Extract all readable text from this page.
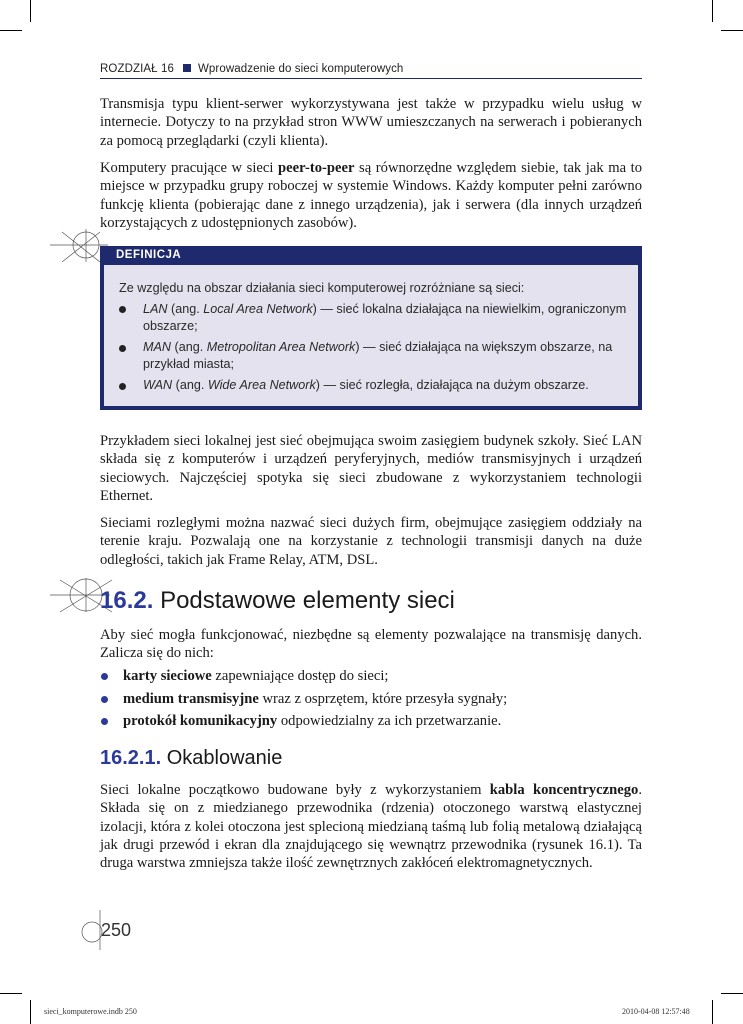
ROZDZIAŁ 16 Wprowadzenie do sieci komputerowych

Transmisja typu klient-serwer wykorzystywana jest także w przypadku wielu usług w internecie. Dotyczy to na przykład stron WWW umieszczanych na serwerach i pobieranych za pomocą przeglądarki (czyli klienta).

Komputery pracujące w sieci peer-to-peer są równorzędne względem siebie, tak jak ma to miejsce w przypadku grupy roboczej w systemie Windows. Każdy komputer pełni zarówno funkcję klienta (pobierając dane z innego urządzenia), jak i serwera (dla innych urządzeń korzystających z udostępnionych zasobów).

DEFINICJA
Ze względu na obszar działania sieci komputerowej rozróżniane są sieci:
LAN (ang. Local Area Network) — sieć lokalna działająca na niewielkim, ograniczonym obszarze;
MAN (ang. Metropolitan Area Network) — sieć działająca na większym obszarze, na przykład miasta;
WAN (ang. Wide Area Network) — sieć rozległa, działająca na dużym obszarze.

Przykładem sieci lokalnej jest sieć obejmująca swoim zasięgiem budynek szkoły. Sieć LAN składa się z komputerów i urządzeń peryferyjnych, mediów transmisyjnych i urządzeń sieciowych. Najczęściej spotyka się sieci zbudowane z wykorzystaniem technologii Ethernet.

Sieciami rozległymi można nazwać sieci dużych firm, obejmujące zasięgiem oddziały na terenie kraju. Pozwalają one na korzystanie z technologii transmisji danych na duże odległości, takich jak Frame Relay, ATM, DSL.

16.2. Podstawowe elementy sieci

Aby sieć mogła funkcjonować, niezbędne są elementy pozwalające na transmisję danych. Zalicza się do nich:

karty sieciowe zapewniające dostęp do sieci;
medium transmisyjne wraz z osprzętem, które przesyła sygnały;
protokół komunikacyjny odpowiedzialny za ich przetwarzanie.
16.2.1. Okablowanie

Sieci lokalne początkowo budowane były z wykorzystaniem kabla koncentrycznego. Składa się on z miedzianego przewodnika (rdzenia) otoczonego warstwą elastycznej izolacji, która z kolei otoczona jest splecioną miedzianą taśmą lub folią metalową działającą jak drugi przewód i ekran dla znajdującego się wewnątrz przewodnika (rysunek 16.1). Ta druga warstwa zmniejsza także ilość zewnętrznych zakłóceń elektromagnetycznych.

250
sieci_komputerowe.indb 250	2010-04-08 12:57:48
